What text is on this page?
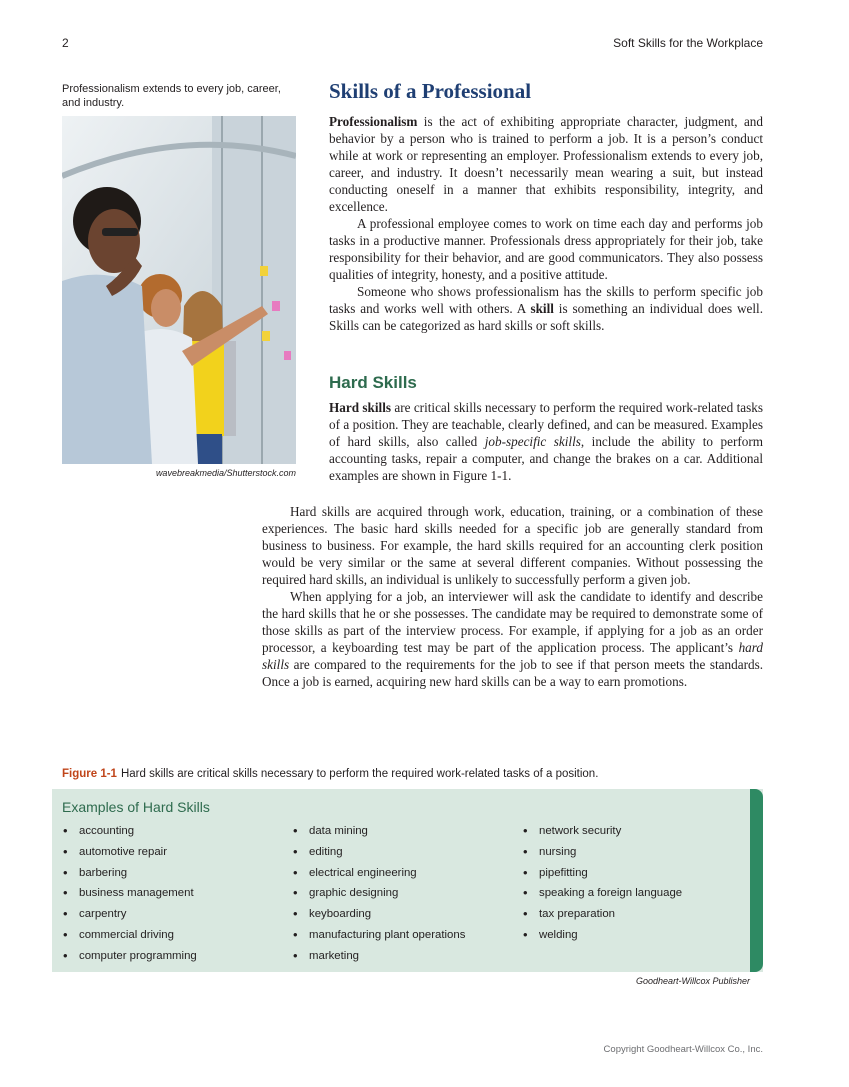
2	Soft Skills for the Workplace
Professionalism extends to every job, career, and industry.
wavebreakmedia/Shutterstock.com
Skills of a Professional

Professionalism is the act of exhibiting appropriate character, judgment, and behavior by a person who is trained to perform a job. It is a person’s conduct while at work or representing an employer. Professionalism extends to every job, career, and industry. It doesn’t necessarily mean wearing a suit, but instead conducting oneself in a manner that exhibits responsibility, integrity, and excellence.

A professional employee comes to work on time each day and performs job tasks in a productive manner. Professionals dress appropriately for their job, take responsibility for their behavior, and are good communicators. They also possess qualities of integrity, honesty, and a positive attitude.

Someone who shows professionalism has the skills to perform specific job tasks and works well with others. A skill is something an individual does well. Skills can be categorized as hard skills or soft skills.

Hard Skills

Hard skills are critical skills necessary to perform the required work-related tasks of a position. They are teachable, clearly defined, and can be measured. Examples of hard skills, also called job-specific skills, include the ability to perform accounting tasks, repair a computer, and change the brakes on a car. Additional examples are shown in Figure 1-1.

Hard skills are acquired through work, education, training, or a combination of these experiences. The basic hard skills needed for a specific job are generally standard from business to business. For example, the hard skills required for an accounting clerk position would be very similar or the same at several different companies. Without possessing the required hard skills, an individual is unlikely to successfully perform a given job.

When applying for a job, an interviewer will ask the candidate to identify and describe the hard skills that he or she possesses. The candidate may be required to demonstrate some of those skills as part of the interview process. For example, if applying for a job as an order processor, a keyboarding test may be part of the application process. The applicant’s hard skills are compared to the requirements for the job to see if that person meets the standards. Once a job is earned, acquiring new hard skills can be a way to earn promotions.

Figure 1-1 Hard skills are critical skills necessary to perform the required work-related tasks of a position.
Examples of Hard Skills
• accounting
• automotive repair
• barbering
• business management
• carpentry
• commercial driving
• computer programming
• data mining
• editing
• electrical engineering
• graphic designing
• keyboarding
• manufacturing plant operations
• marketing
• network security
• nursing
• pipefitting
• speaking a foreign language
• tax preparation
• welding
Goodheart-Willcox Publisher
Copyright Goodheart-Willcox Co., Inc.
